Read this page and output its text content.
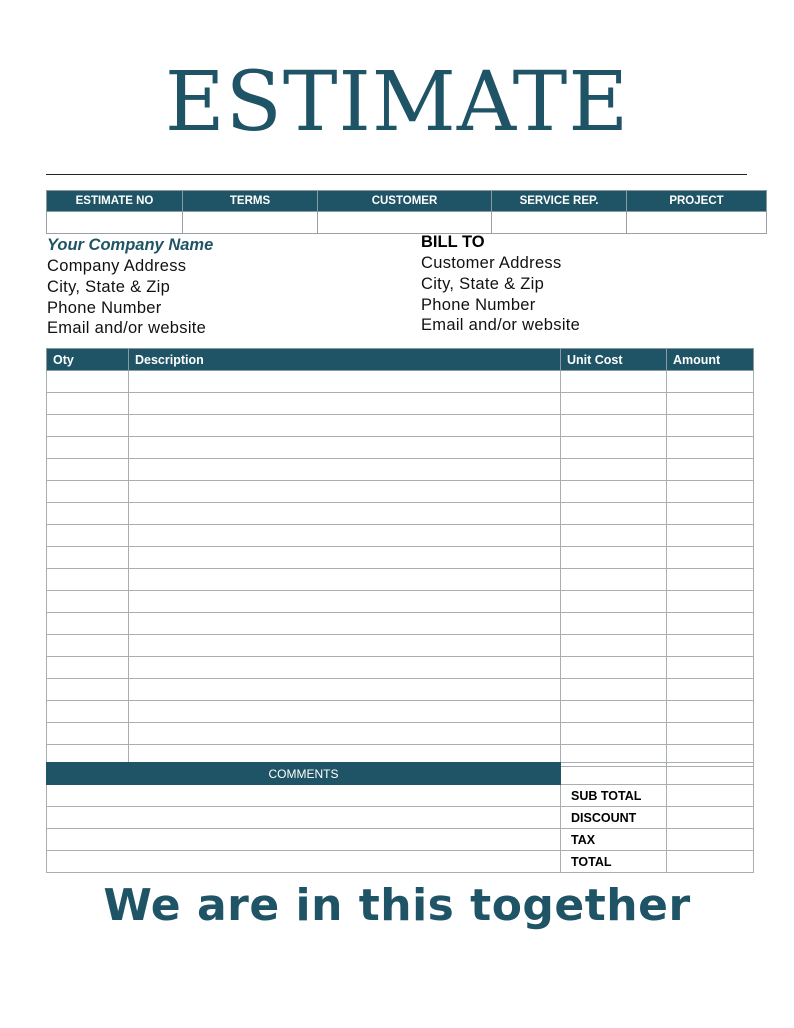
ESTIMATE
ESTIMATE NO	TERMS	CUSTOMER	SERVICE REP.	PROJECT

Your Company Name
Company Address
City, State & Zip
Phone Number
Email and/or website
BILL TO
Customer Address
City, State & Zip
Phone Number
Email and/or website
Oty	Description	Unit Cost	Amount

COMMENTS		
	SUB TOTAL	
	DISCOUNT	
	TAX	
	TOTAL	
We are in this together
